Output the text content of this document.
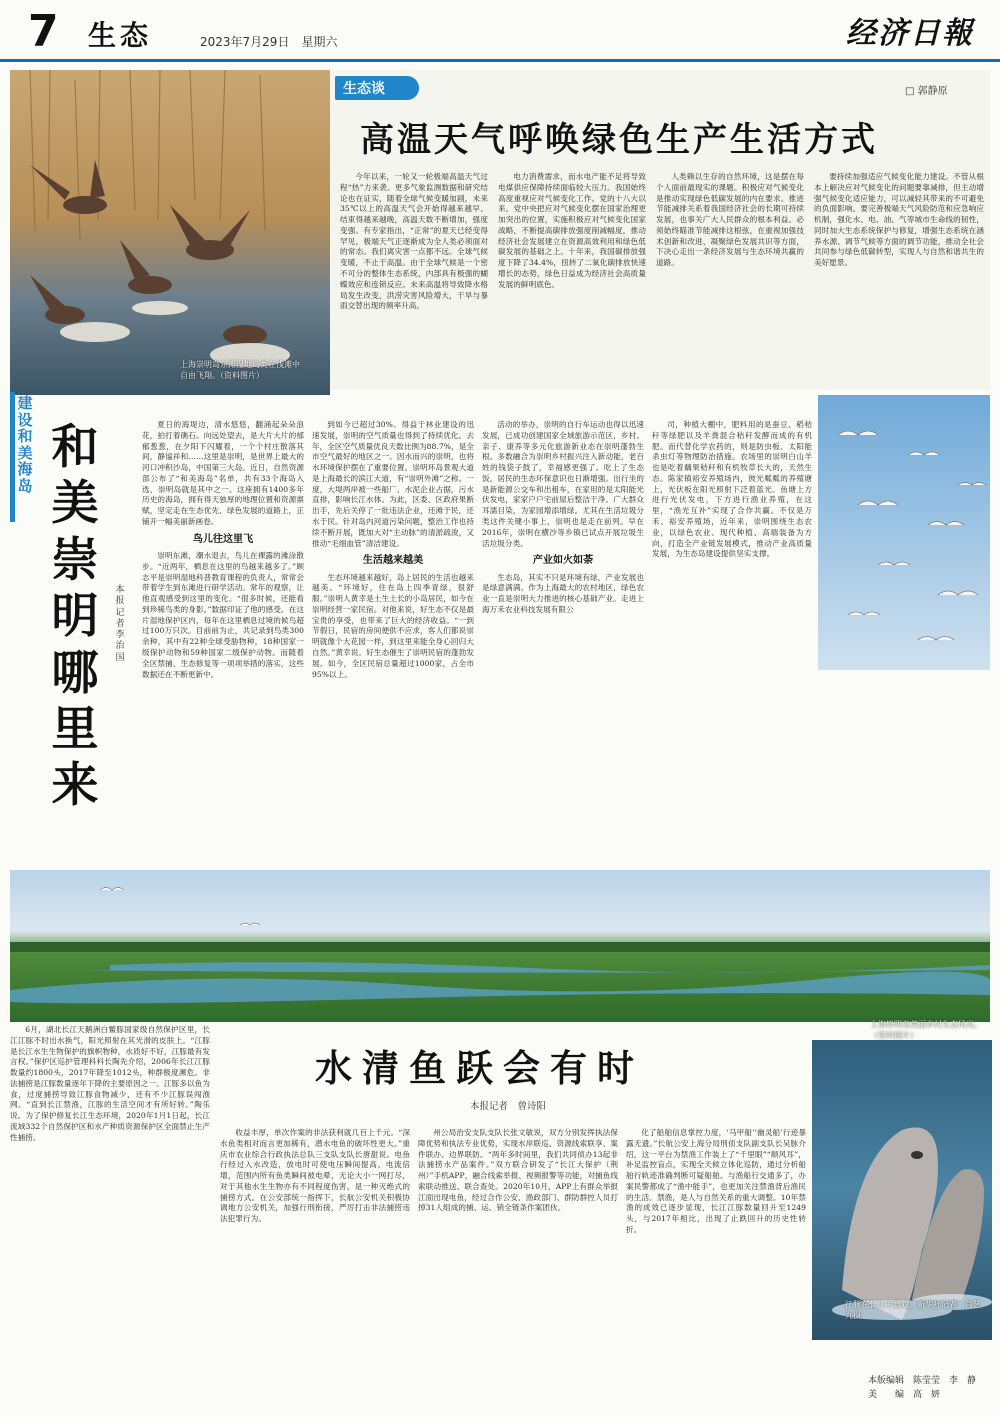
7 生态	2023年7月29日　星期六	经济日報
上海崇明岛东滩湿地鸟类在浅滩中自由飞翔。（资料图片）
生态谈	□ 郭静原
高温天气呼唤绿色生产生活方式

今年以来，一轮又一轮极端高温天气过程“热”力来袭。更多气象监测数据和研究结论也在证实，随着全球气候变暖加剧，未来35℃以上的高温天气会开始得越来越早、结束得越来越晚，高温天数不断增加，强度变强。有专家指出，“正常”的夏天已经变得罕见，极端天气正逐渐成为全人类必须面对的常态。我们离灾害一点都不远。全球气候变暖，不止于高温。由于全球气候是一个密不可分的整体生态系统，内部具有极强的蝴蝶效应和连锁反应。未来高温将导致降水格局发生改变，洪涝灾害风险增大，干旱与暴雨交替出现的频率升高。

电力消费需求，而水电产能不足将导致电煤供应保障持续面临较大压力。我国始终高度重视应对气候变化工作。党的十八大以来，党中央把应对气候变化摆在国家治理更加突出的位置，实施积极应对气候变化国家战略，不断提高碳排放强度削减幅度，推动经济社会发展建立在资源高效利用和绿色低碳发展的基础之上。十年来，我国碳排放强度下降了34.4%，扭转了二氧化碳排放快速增长的态势，绿色日益成为经济社会高质量发展的鲜明底色。

人类赖以生存的自然环境，这是摆在每个人面前最现实的课题。积极应对气候变化是推动实现绿色低碳发展的内在要求。推进节能减排关系着我国经济社会的长期可持续发展，也事关广大人民群众的根本利益。必须始终瞄准节能减排这根弦，在重视加强技术创新和改进、凝聚绿色发展共识等方面，下决心走出一条经济发展与生态环境共赢的道路。

要持续加强适应气候变化能力建设。不管从根本上解决应对气候变化的问题要靠减排，但主动增强气候变化适应能力，可以减轻其带来的不可避免的负面影响。要完善极端天气风险防范和应急响应机制，强化水、电、油、气等城市生命线的韧性，同时加大生态系统保护与修复，增强生态系统在涵养水源、调节气候等方面的调节功能，推动全社会共同参与绿色低碳转型，实现人与自然和谐共生的美好愿景。

建设和美海岛
和美崇明哪里来
本报记者 李治国

夏日的海堤边，清水悠悠，翻涌起朵朵浪花，拍打着礁石。向远处望去，是大片大片的郁郁葱葱，在夕阳下闪耀着，一个个村庄散落其间，静谧祥和……这里是崇明，是世界上最大的河口冲积沙岛，中国第三大岛。近日，自然资源部公布了“和美海岛”名单，共有33个海岛入选，崇明岛就是其中之一。这座拥有1400多年历史的海岛，拥有得天独厚的地理位置和资源禀赋，坚定走在生态优先、绿色发展的道路上，正铺开一幅美丽新画卷。

鸟儿往这里飞

崇明东滩，潮水退去，鸟儿在裸露的滩涂散步。“近两年，栖息在这里的鸟越来越多了。”顾志平是崇明湿地科普教育课程的负责人，常常会带着学生到东滩进行研学活动。常年的观察，让他直观感受到这里的变化。“很多时候，还能看到珍稀鸟类的身影。”数据印证了他的感受。在这片湿地保护区内，每年在这里栖息过境的候鸟超过100万只次。目前前为止，共记录到鸟类300余种，其中有22种全球受胁物种，18种国家一级保护动物和59种国家二级保护动物。而随着全区禁捕、生态修复等一项项举措的落实，这些数据还在不断更新中。

到如今已超过30%。得益于林业建设的迅速发展，崇明的空气质量也得到了持续优化。去年，全区空气质量优良天数比例为88.7%，是全市空气最好的地区之一。因水而兴的崇明，也将水环境保护摆在了重要位置。崇明环岛景观大道是上海最长的滨江大道，有“崇明外滩”之称。一度，大堤两岸被一些船厂、水泥企业占据，污水直排，影响长江水体。为此，区委、区政府果断出手，先后关停了一批违法企业，还滩于民，还水于民。针对岛内河道污染问题，整治工作也持续不断开展，既加大对“主动脉”的清淤疏浚，又推动“毛细血管”清洁建设。

生活越来越美

生态环境越来越好，岛上居民的生活也越来越美。“环境好，住在岛上四季青绿，很舒服。”崇明人黄幸是土生土长的小岛居民，如今在崇明经营一家民宿。对他来说，好生态不仅是最宝贵的享受，也带来了巨大的经济收益。“一到节假日，民宿的房间便供不应求，客人们都说崇明就像个大花园一样，到这里来能全身心回归大自然。”黄幸说。好生态催生了崇明民宿的蓬勃发展。如今，全区民宿总量超过1000家，占全市95%以上。

活动的举办，崇明的自行车运动也得以迅速发展，已成功创建国家全域旅游示范区，乡村、亲子、康养等多元化旅游新业态在崇明蓬勃生根。多数融合为崇明乡村振兴注入新动能，老百姓的钱袋子鼓了，幸福感更强了。吃上了生态饭，居民的生态环保意识也日渐增强。出行坐的是新能源公交车和出租车，在家用的是太阳能光伏发电，家家户户宅前屋后整洁干净。广大群众耳濡目染，为家园增添增绿。尤其在生活垃圾分类这件关键小事上，崇明也是走在前列。早在2016年，崇明在横沙等乡镇已试点开展垃圾生活垃圾分类。

产业如火如荼

生态岛，其实不只是环境有绿，产业发展也是绿意满满。作为上海最大的农村地区，绿色农业一直是崇明大力推进的核心基础产业。走进上海万禾农业科技发展有限公

司，种植大棚中，肥料用的是蚕豆、稻秸秆等绿肥以及羊粪混合秸秆发酵而成的有机肥。而代替化学农药的，则是防虫板、太阳能杀虫灯等物理防治措施。农场里的崇明白山羊也是吃着藕果秸秆和有机牧草长大的，天然生态。陈家镇裕安养殖场内，彼光粼粼的养殖塘上，光伏板在阳光照射下泛着蓝光。鱼塘上方进行光伏发电，下方进行渔业养殖，在这里，“渔光互补”实现了合作共赢。不仅是万禾、裕安养殖场，近年来，崇明围绕生态农业，以绿色农业、现代种植、高端装备为方向，打造全产业链发展模式，推动产业高质量发展，为生态岛建设提供坚实支撑。

上海崇明岛美丽乡村生态风光。（资料图片）
水清鱼跃会有时
本报记者　曾诗阳

6月，湖北长江天鹅洲白鳖豚国家级自然保护区里，长江江豚不时出水换气，阳光照射在其光滑的皮肤上。“江豚是长江水生生物保护的旗帜物种，水质好不好，江豚最有发言权。”保护区巡护管理科科长陶先介绍，2006年长江江豚数量约1800头，2017年降至1012头，种群极度濒危。非法捕捞是江豚数量逐年下降的主要原因之一。江豚多以鱼为食，过度捕捞导致江豚食物减少，还有不少江豚误闯渔网。“直到长江禁渔，江豚的生活空间才有所好转。”陶乐说。为了保护修复长江生态环境，2020年1月1日起，长江流域332个自然保护区和水产种质资源保护区全面禁止生产性捕捞。

收益丰厚，单次作案的非法获利就几百上千元。“深水鱼类相对而言更加稀有，潜水电鱼的破坏性更大。”重庆市农业综合行政执法总队三支队支队长唐甜说。电鱼行经过入水改造，放电时可使电压瞬间提高、电流倍增，范围内所有鱼类瞬间被电晕，无论大小一网打尽，对于其他水生生物亦有不同程度伤害，是一种灭绝式的捕捞方式。在公安部统一指挥下，长航公安机关积极协调地方公安机关，加强行刑衔接，严厉打击非法捕捞违法犯罪行为。

州公局治安支队支队长张文敏说，双方分别发挥执法保障优势和执法专业优势，实现水岸联巡、资源线索联享、案件联办、边界联防。“两年多时间里，我们共同侦办13起非法捕捞水产品案件。”双方联合研发了“长江大保护（荆州）”手机APP，融合线索举报、视频报警等功能，对捕鱼线索联动推送、联合查处。2020年10月，APP上有群众举报江面出现电鱼，经过合作公安、渔政部门、群防群控人员打掉31人组成的捕、运、销全链条作案团伙。

化了船舶信息掌控力度，‘马甲船’‘幽灵船’行迹暴露无遗。”长航公安上海分局刑侦支队副支队长吴脉介绍，这一平台为禁渔工作装上了“千里眼”“顺风耳”，补足监控盲点，实现全天候立体化巡防，通过分析船舶行轨迹准确判断可疑船舶。与渔船行交通多了，办案民警都成了“渔中能手”，也更加关注禁渔背后渔民的生活。禁渔，是人与自然关系的重大调整。10年禁渔的成效已逐步显现，长江江豚数量回升至1249头，与2017年相比，出现了止跌回升的历史性转折。

江豚在长江中嬉戏。新华社记者　肖艺九摄
本版编辑　陈莹莹　李　静
美　　编　高　妍
